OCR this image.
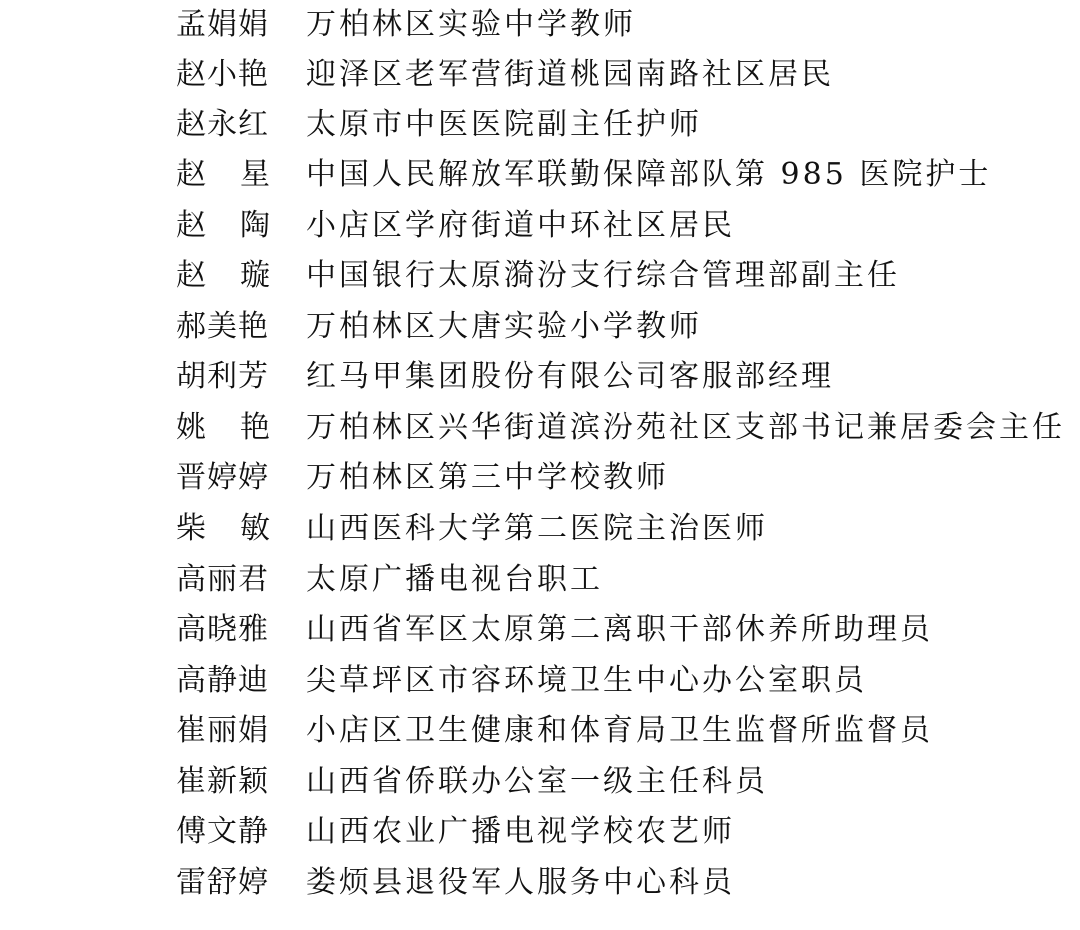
孟娟娟 万柏林区实验中学教师
赵小艳 迎泽区老军营街道桃园南路社区居民
赵永红 太原市中医医院副主任护师
赵 星 中国人民解放军联勤保障部队第 985 医院护士
赵 陶 小店区学府街道中环社区居民
赵 璇 中国银行太原漪汾支行综合管理部副主任
郝美艳 万柏林区大唐实验小学教师
胡利芳 红马甲集团股份有限公司客服部经理
姚 艳 万柏林区兴华街道滨汾苑社区支部书记兼居委会主任
晋婷婷 万柏林区第三中学校教师
柴 敏 山西医科大学第二医院主治医师
高丽君 太原广播电视台职工
高晓雅 山西省军区太原第二离职干部休养所助理员
高静迪 尖草坪区市容环境卫生中心办公室职员
崔丽娟 小店区卫生健康和体育局卫生监督所监督员
崔新颖 山西省侨联办公室一级主任科员
傅文静 山西农业广播电视学校农艺师
雷舒婷 娄烦县退役军人服务中心科员
